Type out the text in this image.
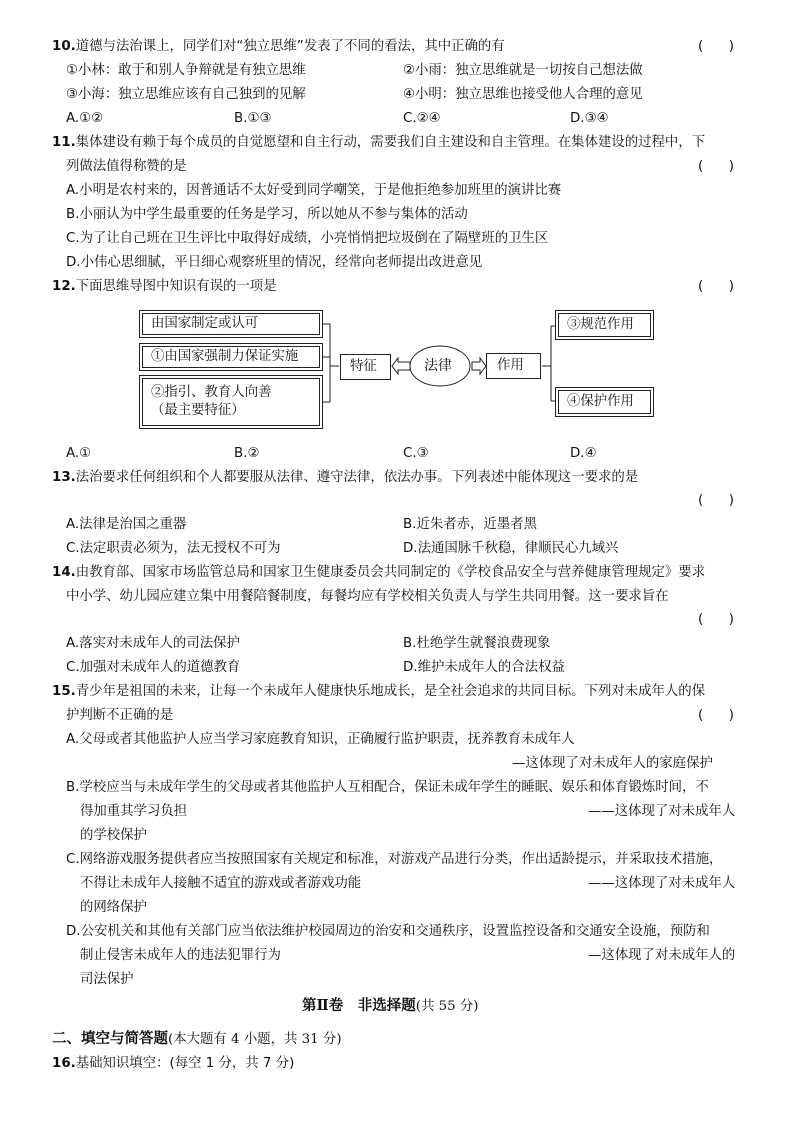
10.道德与法治课上，同学们对“独立思维”发表了不同的看法，其中正确的有	(      )
①小林：敢于和别人争辩就是有独立思维	②小雨：独立思维就是一切按自己想法做
③小海：独立思维应该有自己独到的见解	④小明：独立思维也接受他人合理的意见
A.①②	B.①③	C.②④	D.③④
11.集体建设有赖于每个成员的自觉愿望和自主行动，需要我们自主建设和自主管理。在集体建设的过程中，下
列做法值得称赞的是	(      )
A.小明是农村来的，因普通话不太好受到同学嘲笑，于是他拒绝参加班里的演讲比赛
B.小丽认为中学生最重要的任务是学习，所以她从不参与集体的活动
C.为了让自己班在卫生评比中取得好成绩，小亮悄悄把垃圾倒在了隔壁班的卫生区
D.小伟心思细腻，平日细心观察班里的情况，经常向老师提出改进意见
12.下面思维导图中知识有误的一项是	(      )
由国家制定或认可
①由国家强制力保证实施
②指引、教育人向善
（最主要特征）
特征	法律	作用
③规范作用
④保护作用
A.①	B.②	C.③	D.④
13.法治要求任何组织和个人都要服从法律、遵守法律，依法办事。下列表述中能体现这一要求的是
(      )
A.法律是治国之重器	B.近朱者赤，近墨者黑
C.法定职责必须为，法无授权不可为	D.法通国脉千秋稳，律顺民心九域兴
14.由教育部、国家市场监管总局和国家卫生健康委员会共同制定的《学校食品安全与营养健康管理规定》要求
中小学、幼儿园应建立集中用餐陪餐制度，每餐均应有学校相关负责人与学生共同用餐。这一要求旨在
(      )
A.落实对未成年人的司法保护	B.杜绝学生就餐浪费现象
C.加强对未成年人的道德教育	D.维护未成年人的合法权益
15.青少年是祖国的未来，让每一个未成年人健康快乐地成长，是全社会追求的共同目标。下列对未成年人的保
护判断不正确的是	(      )
A.父母或者其他监护人应当学习家庭教育知识，正确履行监护职责，抚养教育未成年人
—这体现了对未成年人的家庭保护
B.学校应当与未成年学生的父母或者其他监护人互相配合，保证未成年学生的睡眠、娱乐和体育锻炼时间，不
得加重其学习负担	——这体现了对未成年人
的学校保护
C.网络游戏服务提供者应当按照国家有关规定和标准，对游戏产品进行分类，作出适龄提示，并采取技术措施，
不得让未成年人接触不适宜的游戏或者游戏功能	——这体现了对未成年人
的网络保护
D.公安机关和其他有关部门应当依法维护校园周边的治安和交通秩序，设置监控设备和交通安全设施，预防和
制止侵害未成年人的违法犯罪行为	—这体现了对未成年人的
司法保护
第Ⅱ卷　非选择题(共 55 分)
二、填空与简答题(本大题有 4 小题，共 31 分)
16.基础知识填空：(每空 1 分，共 7 分)
